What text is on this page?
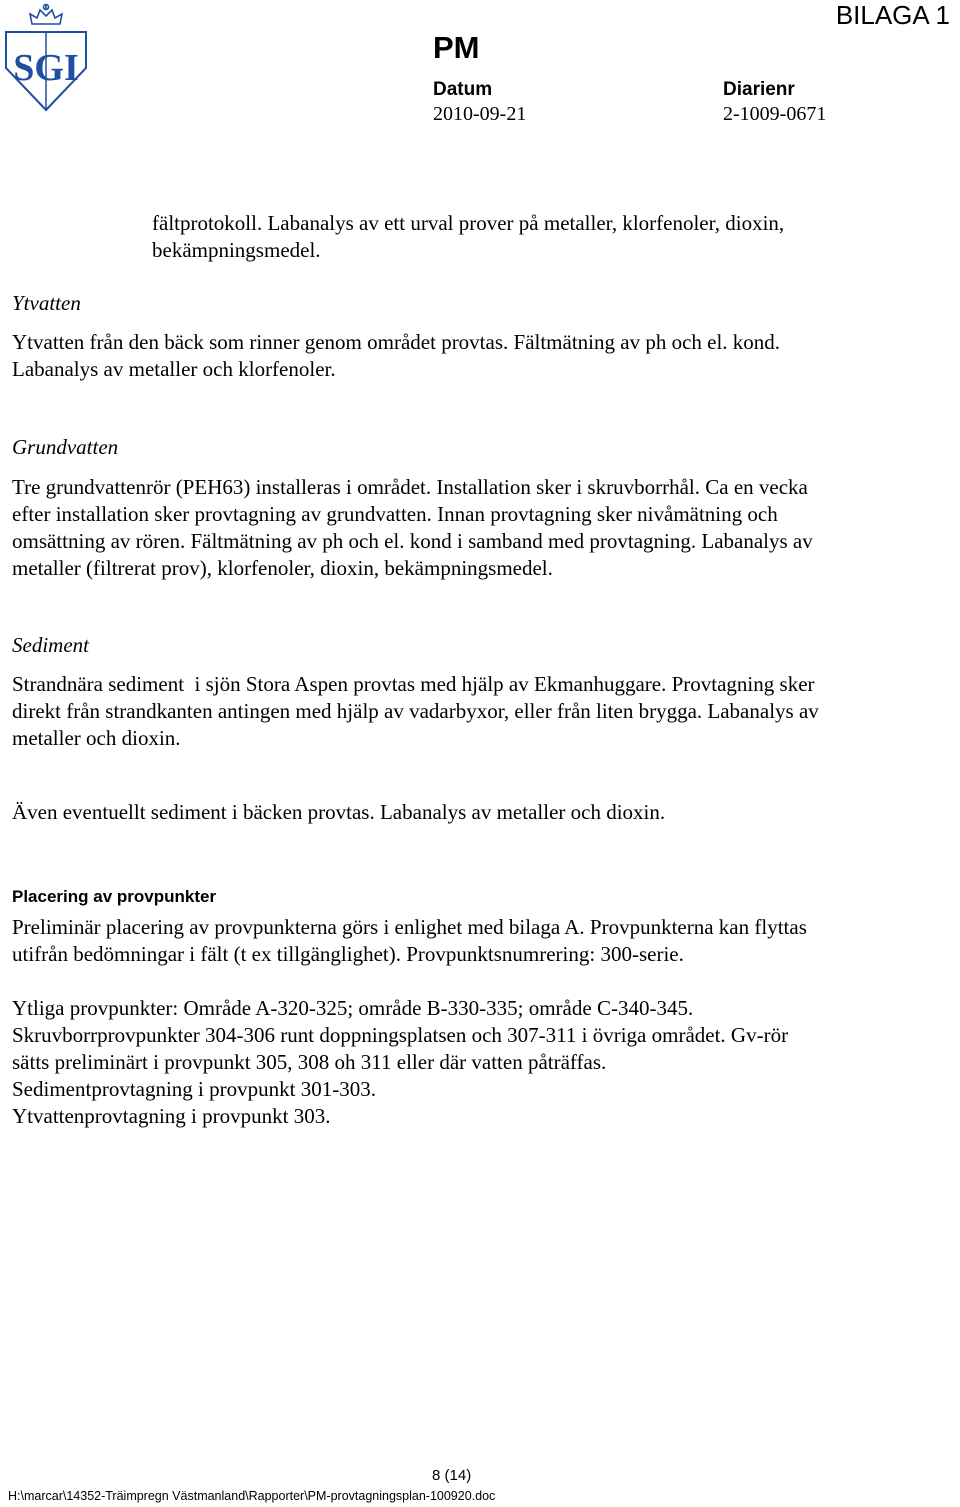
SGI
BILAGA 1
PM
Datum
2010-09-21
Diarienr
2-1009-0671

fältprotokoll. Labanalys av ett urval prover på metaller, klorfenoler, dioxin,

bekämpningsmedel.

Ytvatten

Ytvatten från den bäck som rinner genom området provtas. Fältmätning av ph och el. kond.

Labanalys av metaller och klorfenoler.

Grundvatten

Tre grundvattenrör (PEH63) installeras i området. Installation sker i skruvborrhål. Ca en vecka

efter installation sker provtagning av grundvatten. Innan provtagning sker nivåmätning och

omsättning av rören. Fältmätning av ph och el. kond i samband med provtagning. Labanalys av

metaller (filtrerat prov), klorfenoler, dioxin, bekämpningsmedel.

Sediment

Strandnära sediment  i sjön Stora Aspen provtas med hjälp av Ekmanhuggare. Provtagning sker

direkt från strandkanten antingen med hjälp av vadarbyxor, eller från liten brygga. Labanalys av

metaller och dioxin.

Även eventuellt sediment i bäcken provtas. Labanalys av metaller och dioxin.
Placering av provpunkter

Preliminär placering av provpunkterna görs i enlighet med bilaga A. Provpunkterna kan flyttas

utifrån bedömningar i fält (t ex tillgänglighet). Provpunktsnumrering: 300-serie.

Ytliga provpunkter: Område A-320-325; område B-330-335; område C-340-345.

Skruvborrprovpunkter 304-306 runt doppningsplatsen och 307-311 i övriga området. Gv-rör

sätts preliminärt i provpunkt 305, 308 oh 311 eller där vatten påträffas.

Sedimentprovtagning i provpunkt 301-303.

Ytvattenprovtagning i provpunkt 303.

8 (14)
H:\marcar\14352-Träimpregn Västmanland\Rapporter\PM-provtagningsplan-100920.doc
